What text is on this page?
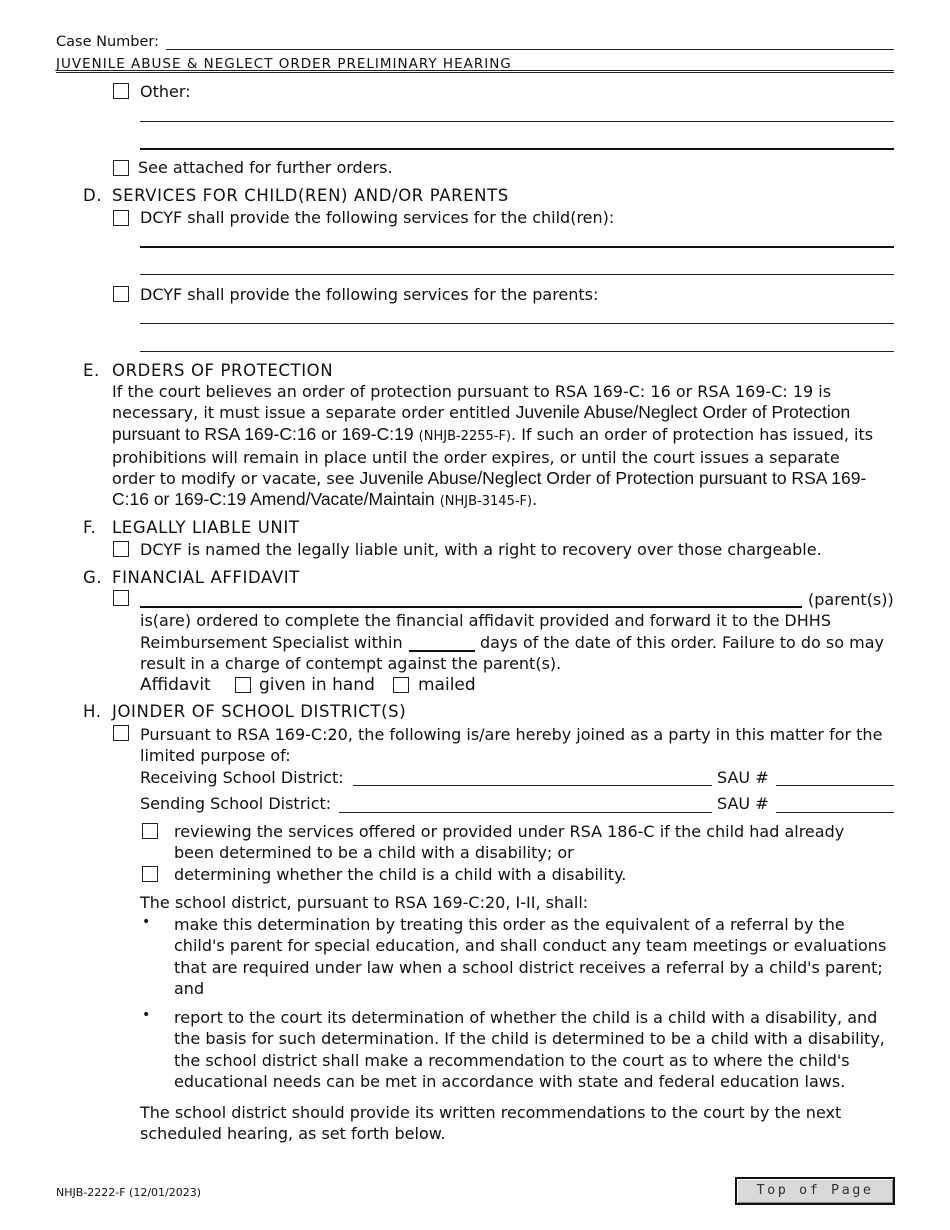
Case Number:
JUVENILE ABUSE & NEGLECT ORDER PRELIMINARY HEARING
Other:
See attached for further orders.
D. SERVICES FOR CHILD(REN) AND/OR PARENTS
DCYF shall provide the following services for the child(ren):
DCYF shall provide the following services for the parents:
E. ORDERS OF PROTECTION
If the court believes an order of protection pursuant to RSA 169-C: 16 or RSA 169-C: 19 is necessary, it must issue a separate order entitled Juvenile Abuse/Neglect Order of Protection pursuant to RSA 169-C:16 or 169-C:19 (NHJB-2255-F). If such an order of protection has issued, its prohibitions will remain in place until the order expires, or until the court issues a separate order to modify or vacate, see Juvenile Abuse/Neglect Order of Protection pursuant to RSA 169-C:16 or 169-C:19 Amend/Vacate/Maintain (NHJB-3145-F).
F. LEGALLY LIABLE UNIT
DCYF is named the legally liable unit, with a right to recovery over those chargeable.
G. FINANCIAL AFFIDAVIT
(parent(s))
is(are) ordered to complete the financial affidavit provided and forward it to the DHHS
Reimbursement Specialist within	days of the date of this order. Failure to do so may
result in a charge of contempt against the parent(s).
Affidavit	given in hand	mailed
H. JOINDER OF SCHOOL DISTRICT(S)
Pursuant to RSA 169-C:20, the following is/are hereby joined as a party in this matter for the
limited purpose of:
Receiving School District:	SAU #
Sending School District:	SAU #
reviewing the services offered or provided under RSA 186-C if the child had already
been determined to be a child with a disability; or
determining whether the child is a child with a disability.
The school district, pursuant to RSA 169-C:20, I-II, shall:
• make this determination by treating this order as the equivalent of a referral by the child's parent for special education, and shall conduct any team meetings or evaluations that are required under law when a school district receives a referral by a child's parent; and
• report to the court its determination of whether the child is a child with a disability, and the basis for such determination. If the child is determined to be a child with a disability, the school district shall make a recommendation to the court as to where the child's educational needs can be met in accordance with state and federal education laws.
The school district should provide its written recommendations to the court by the next scheduled hearing, as set forth below.
NHJB-2222-F (12/01/2023)	Top of Page
